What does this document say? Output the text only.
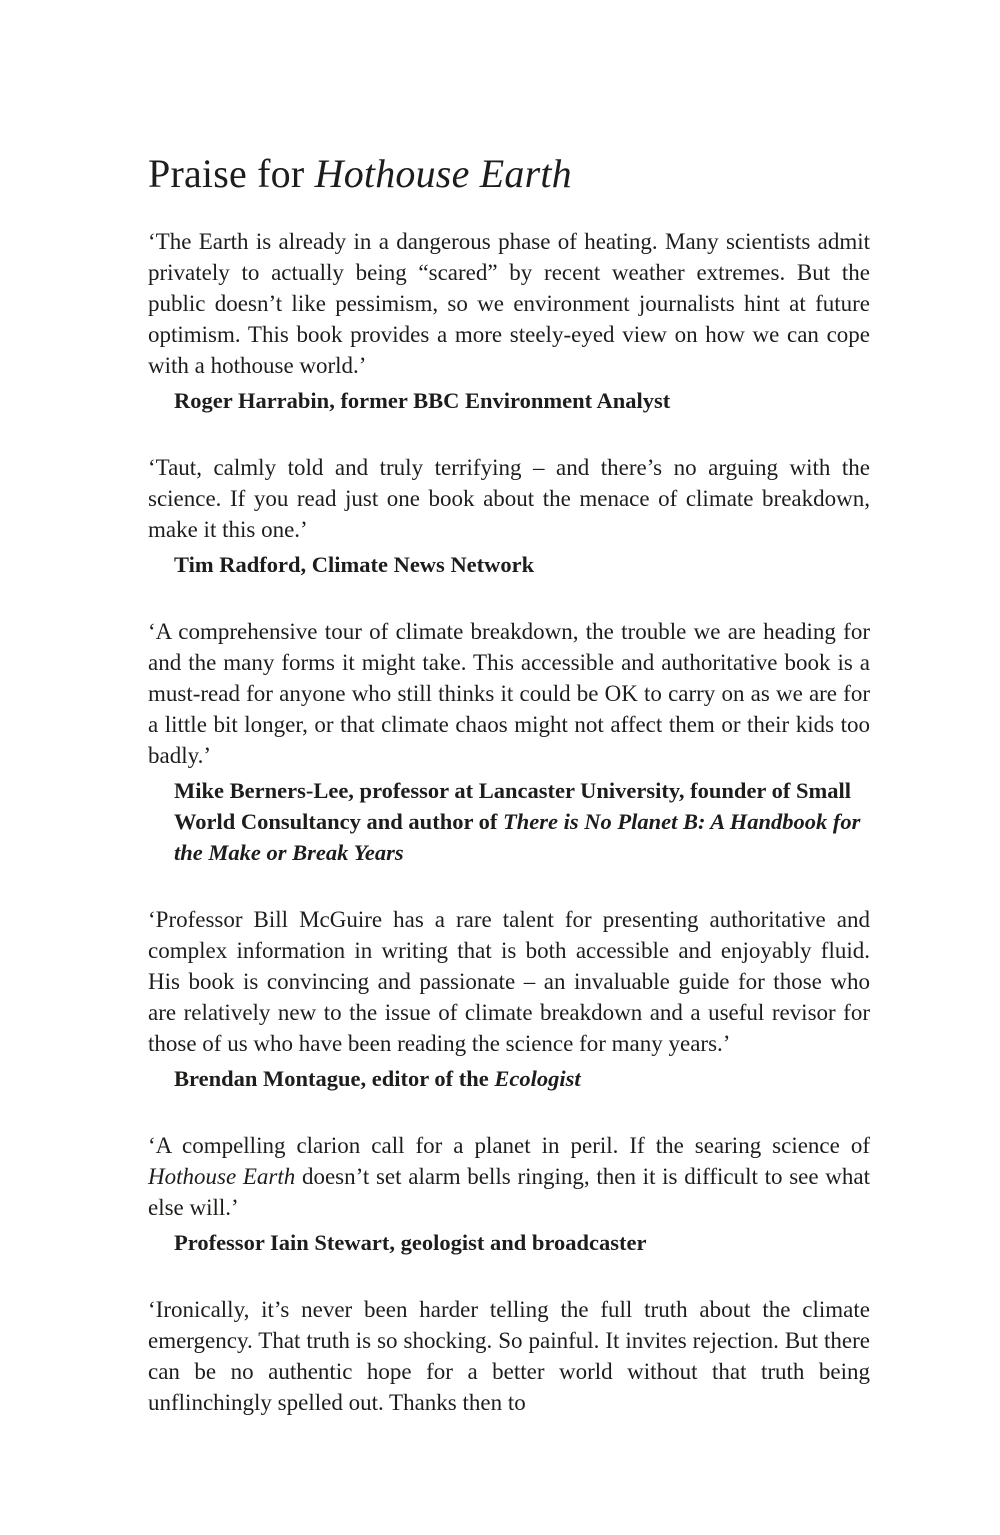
Praise for Hothouse Earth

‘The Earth is already in a dangerous phase of heating. Many scientists admit privately to actually being “scared” by recent weather extremes. But the public doesn’t like pessimism, so we environment journalists hint at future optimism. This book provides a more steely-eyed view on how we can cope with a hothouse world.’

Roger Harrabin, former BBC Environment Analyst

‘Taut, calmly told and truly terrifying – and there’s no arguing with the science. If you read just one book about the menace of climate breakdown, make it this one.’

Tim Radford, Climate News Network

‘A comprehensive tour of climate breakdown, the trouble we are heading for and the many forms it might take. This accessible and authoritative book is a must-read for anyone who still thinks it could be OK to carry on as we are for a little bit longer, or that climate chaos might not affect them or their kids too badly.’

Mike Berners-Lee, professor at Lancaster University, founder of Small World Consultancy and author of There is No Planet B: A Handbook for the Make or Break Years

‘Professor Bill McGuire has a rare talent for presenting authoritative and complex information in writing that is both accessible and enjoyably fluid. His book is convincing and passionate – an invaluable guide for those who are relatively new to the issue of climate breakdown and a useful revisor for those of us who have been reading the science for many years.’

Brendan Montague, editor of the Ecologist

‘A compelling clarion call for a planet in peril. If the searing science of Hothouse Earth doesn’t set alarm bells ringing, then it is difficult to see what else will.’

Professor Iain Stewart, geologist and broadcaster

‘Ironically, it’s never been harder telling the full truth about the climate emergency. That truth is so shocking. So painful. It invites rejection. But there can be no authentic hope for a better world without that truth being unflinchingly spelled out. Thanks then to
